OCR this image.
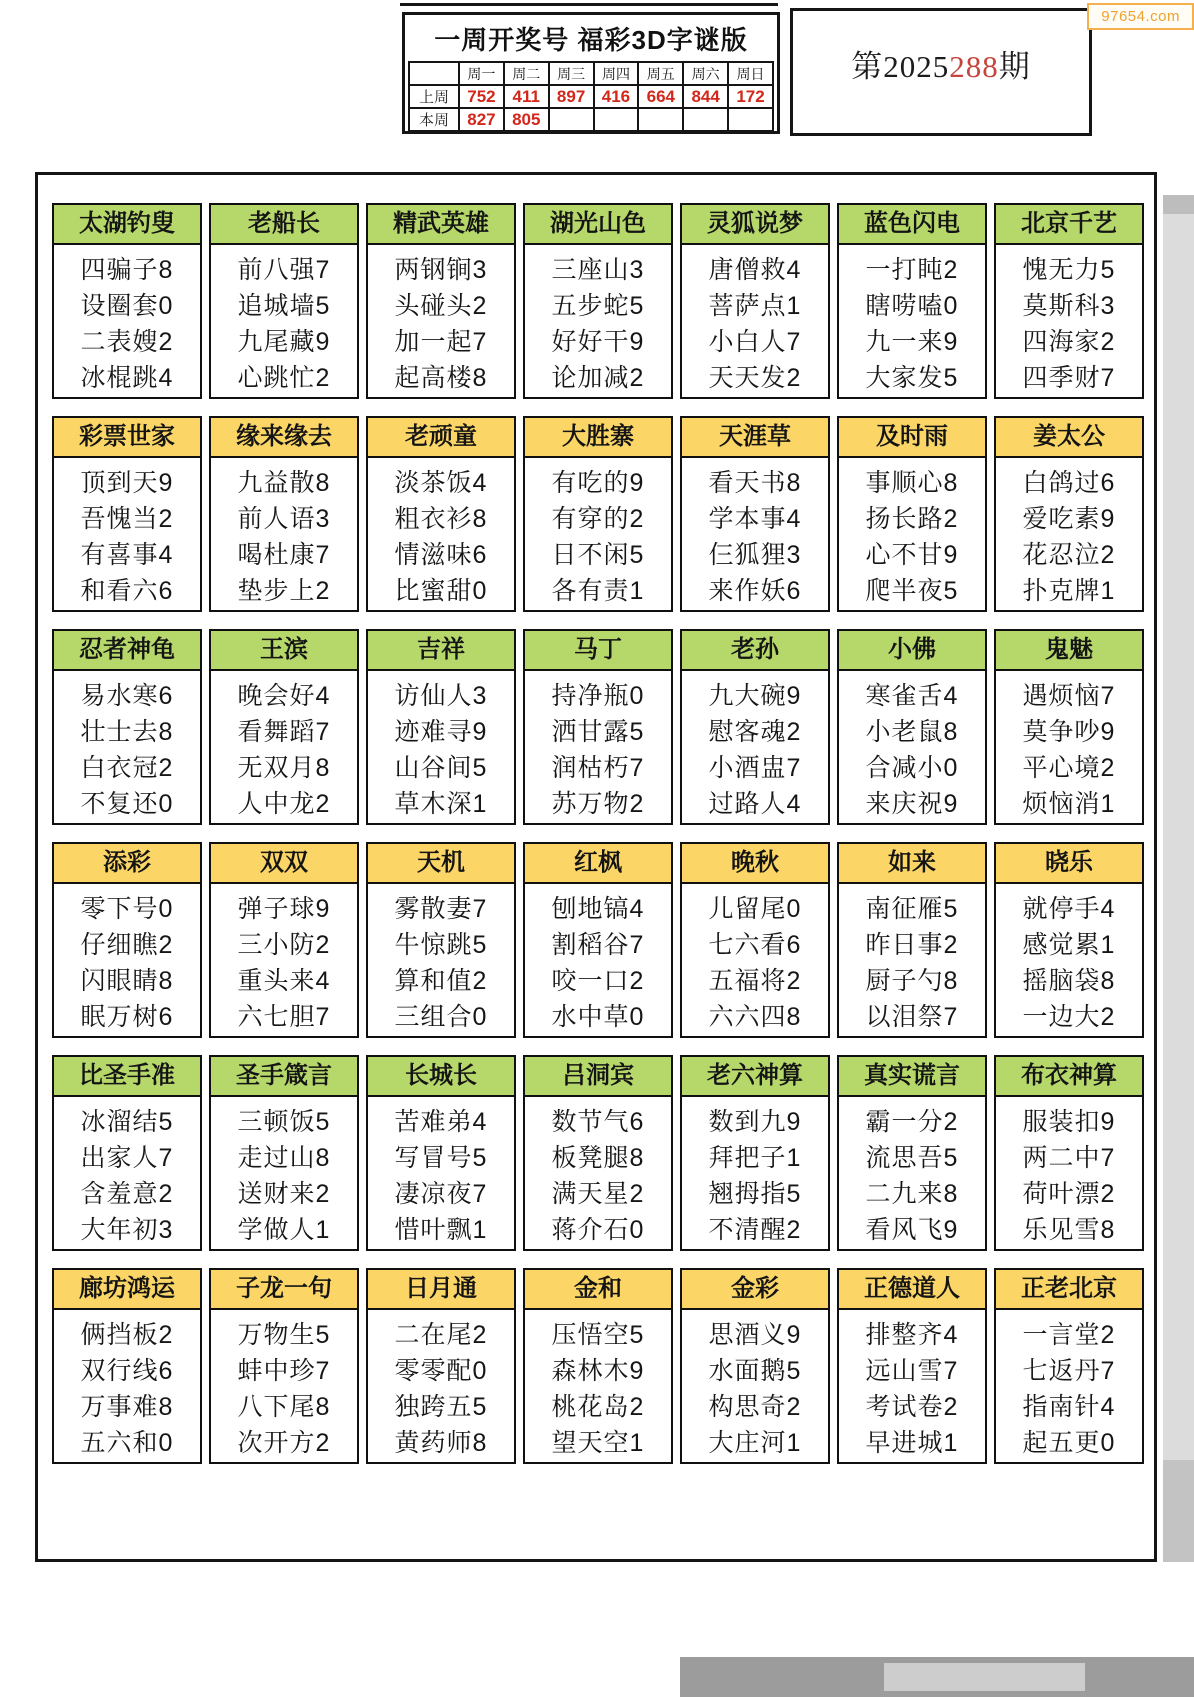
一周开奖号 福彩3D字谜版
	周一	周二	周三	周四	周五	周六	周日
上周	752	411	897	416	664	844	172
本周	827	805					
第2025288期
97654.com
太湖钓叟
四骗子8
设圈套0
二表嫂2
冰棍跳4
老船长
前八强7
追城墙5
九尾藏9
心跳忙2
精武英雄
两钢锏3
头碰头2
加一起7
起高楼8
湖光山色
三座山3
五步蛇5
好好干9
论加减2
灵狐说梦
唐僧救4
菩萨点1
小白人7
天天发2
蓝色闪电
一打盹2
瞎唠嗑0
九一来9
大家发5
北京千艺
愧无力5
莫斯科3
四海家2
四季财7
彩票世家
顶到天9
吾愧当2
有喜事4
和看六6
缘来缘去
九益散8
前人语3
喝杜康7
垫步上2
老顽童
淡茶饭4
粗衣衫8
情滋味6
比蜜甜0
大胜寨
有吃的9
有穿的2
日不闲5
各有责1
天涯草
看天书8
学本事4
仨狐狸3
来作妖6
及时雨
事顺心8
扬长路2
心不甘9
爬半夜5
姜太公
白鸽过6
爱吃素9
花忍泣2
扑克牌1
忍者神龟
易水寒6
壮士去8
白衣冠2
不复还0
王滨
晚会好4
看舞蹈7
无双月8
人中龙2
吉祥
访仙人3
迹难寻9
山谷间5
草木深1
马丁
持净瓶0
洒甘露5
润枯朽7
苏万物2
老孙
九大碗9
慰客魂2
小酒盅7
过路人4
小佛
寒雀舌4
小老鼠8
合减小0
来庆祝9
鬼魅
遇烦恼7
莫争吵9
平心境2
烦恼消1
添彩
零下号0
仔细瞧2
闪眼睛8
眠万树6
双双
弹子球9
三小防2
重头来4
六七胆7
天机
雾散妻7
牛惊跳5
算和值2
三组合0
红枫
刨地镐4
割稻谷7
咬一口2
水中草0
晚秋
儿留尾0
七六看6
五福将2
六六四8
如来
南征雁5
昨日事2
厨子勺8
以泪祭7
晓乐
就停手4
感觉累1
摇脑袋8
一边大2
比圣手准
冰溜结5
出家人7
含羞意2
大年初3
圣手箴言
三顿饭5
走过山8
送财来2
学做人1
长城长
苦难弟4
写冒号5
凄凉夜7
惜叶飘1
吕洞宾
数节气6
板凳腿8
满天星2
蒋介石0
老六神算
数到九9
拜把子1
翘拇指5
不清醒2
真实谎言
霸一分2
流思吾5
二九来8
看风飞9
布衣神算
服装扣9
两二中7
荷叶漂2
乐见雪8
廊坊鸿运
俩挡板2
双行线6
万事难8
五六和0
子龙一句
万物生5
蚌中珍7
八下尾8
次开方2
日月通
二在尾2
零零配0
独跨五5
黄药师8
金和
压悟空5
森林木9
桃花岛2
望天空1
金彩
思酒义9
水面鹅5
构思奇2
大庄河1
正德道人
排整齐4
远山雪7
考试卷2
早进城1
正老北京
一言堂2
七返丹7
指南针4
起五更0
